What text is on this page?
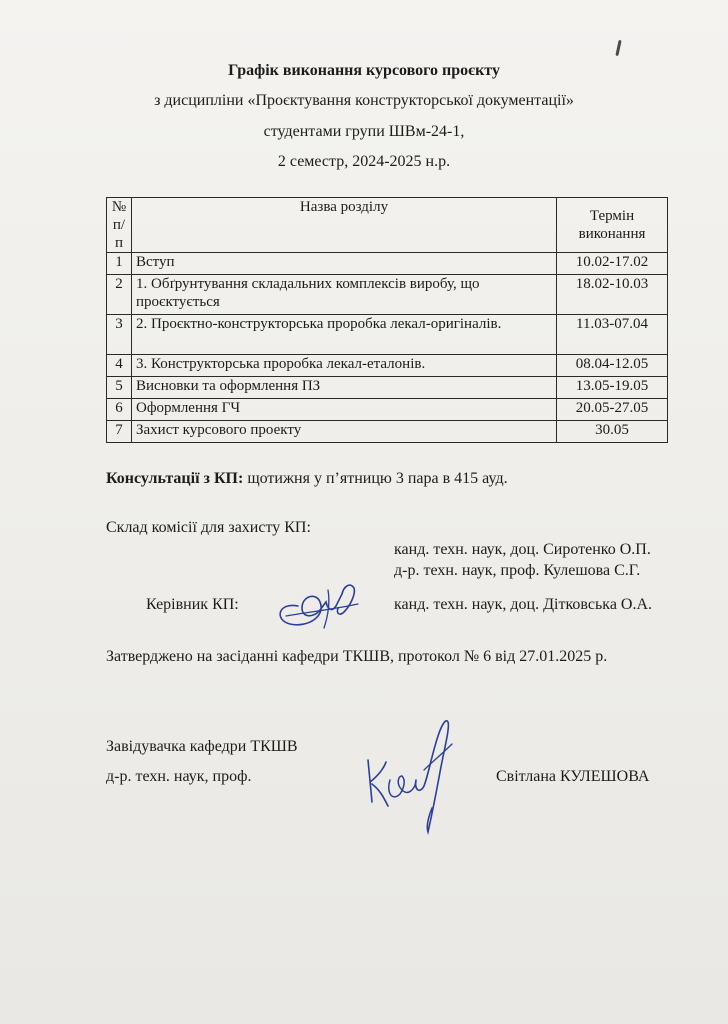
Графік виконання курсового проєкту
з дисципліни «Проєктування конструкторської документації»
студентами групи ШВм-24-1,
2 семестр, 2024-2025 н.р.
№ п/п	Назва розділу	Термін виконання
1	Вступ	10.02-17.02
2	1. Обґрунтування складальних комплексів виробу, що проєктується	18.02-10.03
3	2. Проєктно-конструкторська проробка лекал-оригіналів.	11.03-07.04
4	3. Конструкторська проробка лекал-еталонів.	08.04-12.05
5	Висновки та оформлення ПЗ	13.05-19.05
6	Оформлення ГЧ	20.05-27.05
7	Захист курсового проекту	30.05
Консультації з КП: щотижня у п’ятницю 3 пара в 415 ауд.
Склад комісії для захисту КП:
канд. техн. наук, доц. Сиротенко О.П.
д-р. техн. наук, проф. Кулешова С.Г.
Керівник КП:	канд. техн. наук, доц. Дітковська О.А.
Затверджено на засіданні кафедри ТКШВ, протокол № 6 від 27.01.2025 р.
Завідувачка кафедри ТКШВ
д-р. техн. наук, проф.	Світлана КУЛЕШОВА
